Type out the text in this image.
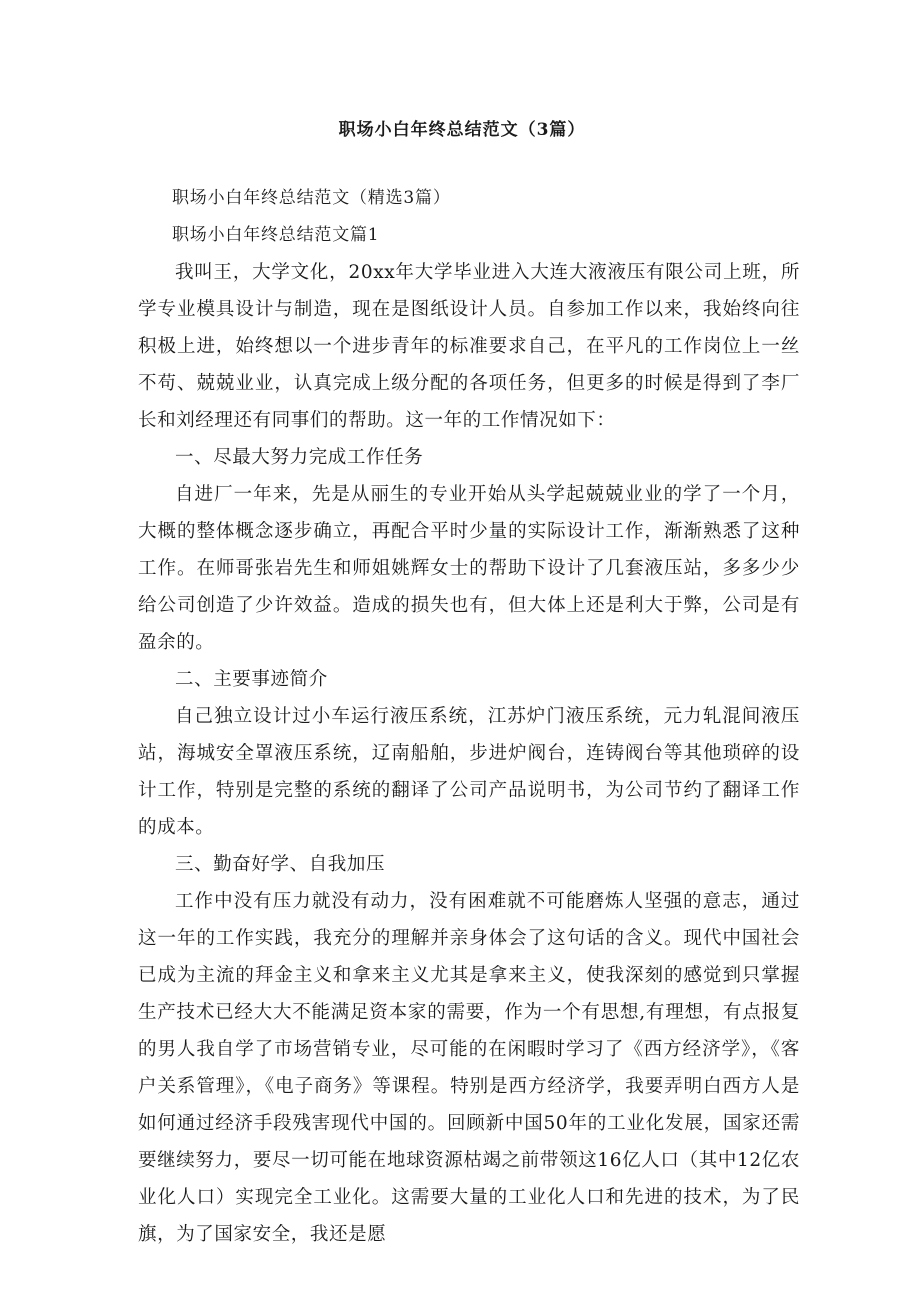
职场小白年终总结范文（3篇）

职场小白年终总结范文（精选3篇）

职场小白年终总结范文篇1

我叫王，大学文化，20xx年大学毕业进入大连大液液压有限公司上班，所学专业模具设计与制造，现在是图纸设计人员。自参加工作以来，我始终向往积极上进，始终想以一个进步青年的标准要求自己，在平凡的工作岗位上一丝不苟、兢兢业业，认真完成上级分配的各项任务，但更多的时候是得到了李厂长和刘经理还有同事们的帮助。这一年的工作情况如下：

一、尽最大努力完成工作任务

自进厂一年来，先是从丽生的专业开始从头学起兢兢业业的学了一个月，大概的整体概念逐步确立，再配合平时少量的实际设计工作，渐渐熟悉了这种工作。在师哥张岩先生和师姐姚辉女士的帮助下设计了几套液压站，多多少少给公司创造了少许效益。造成的损失也有，但大体上还是利大于弊，公司是有盈余的。

二、主要事迹简介

自己独立设计过小车运行液压系统，江苏炉门液压系统，元力轧混间液压站，海城安全罩液压系统，辽南船舶，步进炉阀台，连铸阀台等其他琐碎的设计工作，特别是完整的系统的翻译了公司产品说明书，为公司节约了翻译工作的成本。

三、勤奋好学、自我加压

工作中没有压力就没有动力，没有困难就不可能磨炼人坚强的意志，通过这一年的工作实践，我充分的理解并亲身体会了这句话的含义。现代中国社会已成为主流的拜金主义和拿来主义尤其是拿来主义，使我深刻的感觉到只掌握生产技术已经大大不能满足资本家的需要，作为一个有思想,有理想，有点报复的男人我自学了市场营销专业，尽可能的在闲暇时学习了《西方经济学》，《客户关系管理》，《电子商务》等课程。特别是西方经济学，我要弄明白西方人是如何通过经济手段残害现代中国的。回顾新中国50年的工业化发展，国家还需要继续努力，要尽一切可能在地球资源枯竭之前带领这16亿人口（其中12亿农业化人口）实现完全工业化。这需要大量的工业化人口和先进的技术，为了民旗，为了国家安全，我还是愿
